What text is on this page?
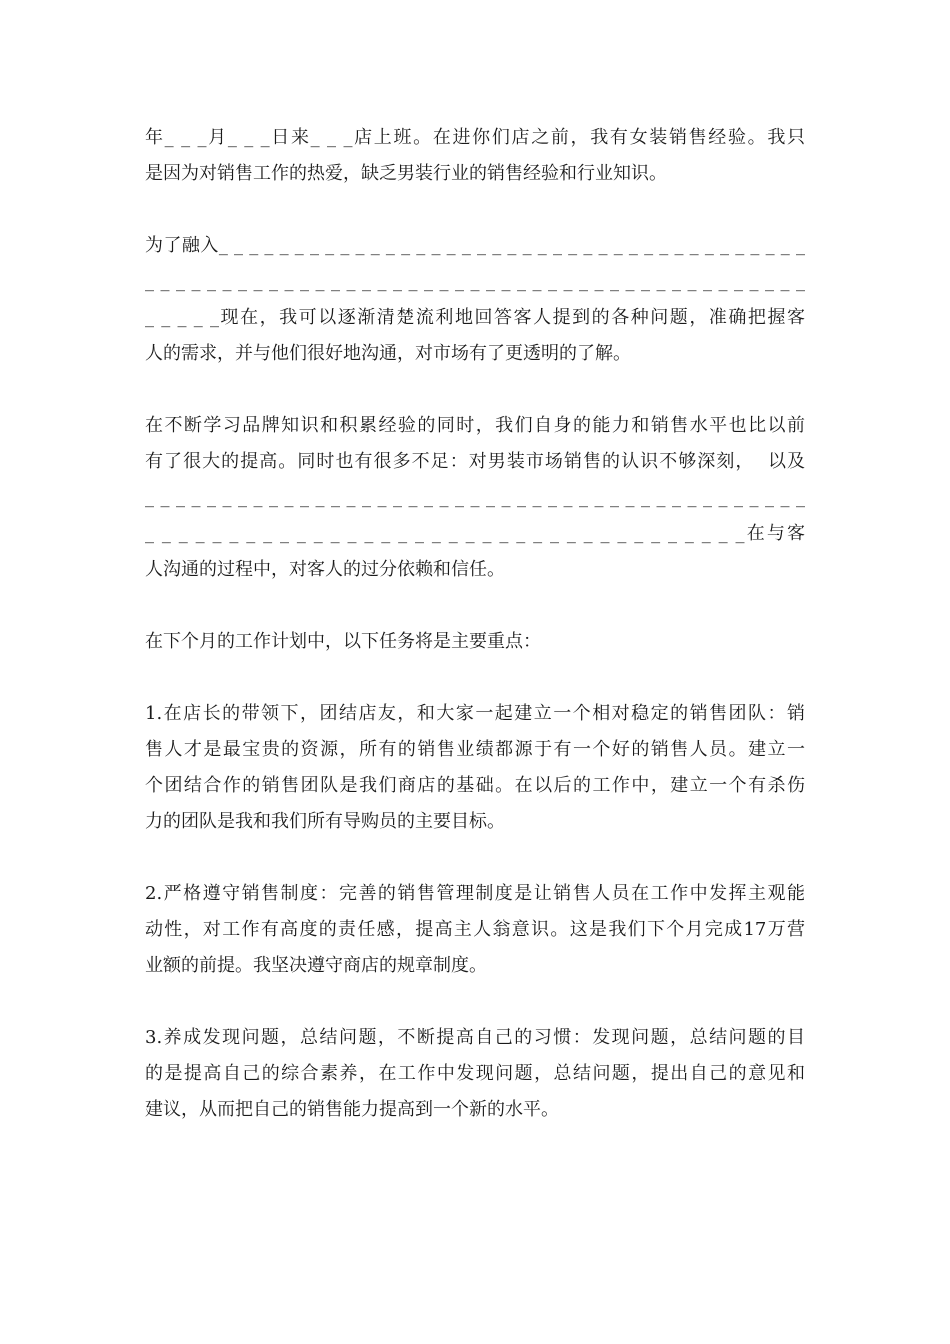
年_ _ _月_ _ _日来_ _ _店上班。在进你们店之前，我有女装销售经验。我只
是因为对销售工作的热爱，缺乏男装行业的销售经验和行业知识。
为了融入_ _ _ _ _ _ _ _ _ _ _ _ _ _ _ _ _ _ _ _ _ _ _ _ _ _ _ _ _ _ _ _ _ _ _ _ _ _ _
_ _ _ _ _ _ _ _ _ _ _ _ _ _ _ _ _ _ _ _ _ _ _ _ _ _ _ _ _ _ _ _ _ _ _ _ _ _ _ _ _ _ _
_ _ _ _ _现在，我可以逐渐清楚流利地回答客人提到的各种问题，准确把握客
人的需求，并与他们很好地沟通，对市场有了更透明的了解。
在不断学习品牌知识和积累经验的同时，我们自身的能力和销售水平也比以前
有了很大的提高。同时也有很多不足：对男装市场销售的认识不够深刻，  以及
_ _ _ _ _ _ _ _ _ _ _ _ _ _ _ _ _ _ _ _ _ _ _ _ _ _ _ _ _ _ _ _ _ _ _ _ _ _ _ _ _ _ _
_ _ _ _ _ _ _ _ _ _ _ _ _ _ _ _ _ _ _ _ _ _ _ _ _ _ _ _ _ _ _ _ _ _ _ _在与客
人沟通的过程中，对客人的过分依赖和信任。
在下个月的工作计划中，以下任务将是主要重点：
1.在店长的带领下，团结店友，和大家一起建立一个相对稳定的销售团队：销
售人才是最宝贵的资源，所有的销售业绩都源于有一个好的销售人员。建立一
个团结合作的销售团队是我们商店的基础。在以后的工作中，建立一个有杀伤
力的团队是我和我们所有导购员的主要目标。
2.严格遵守销售制度：完善的销售管理制度是让销售人员在工作中发挥主观能
动性，对工作有高度的责任感，提高主人翁意识。这是我们下个月完成17万营
业额的前提。我坚决遵守商店的规章制度。
3.养成发现问题，总结问题，不断提高自己的习惯：发现问题，总结问题的目
的是提高自己的综合素养，在工作中发现问题，总结问题，提出自己的意见和
建议，从而把自己的销售能力提高到一个新的水平。
